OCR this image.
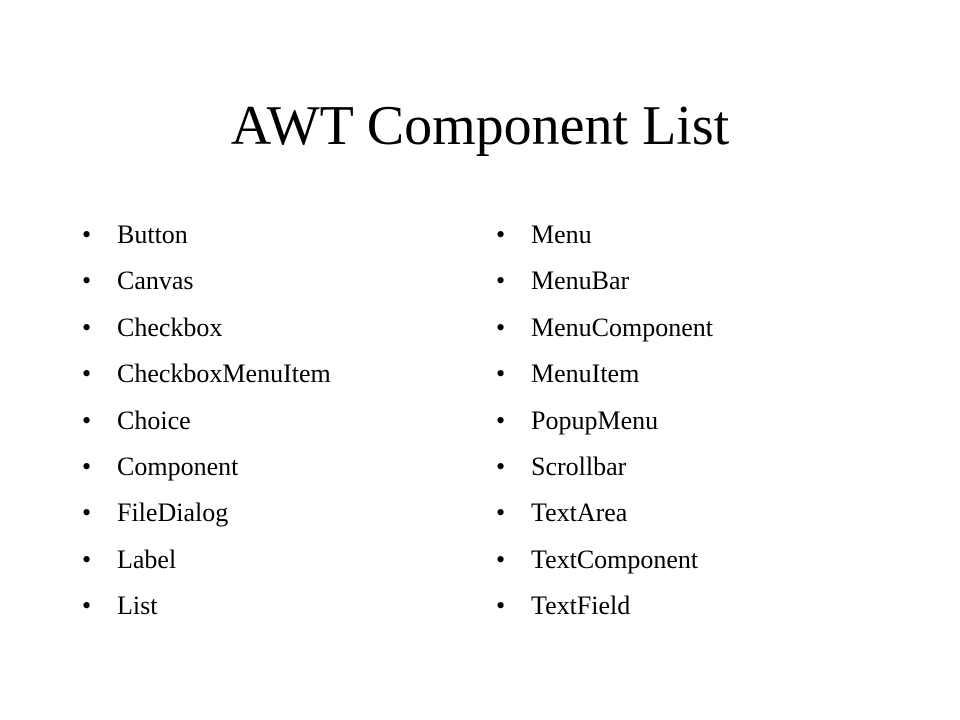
AWT Component List
• Button
• Canvas
• Checkbox
• CheckboxMenuItem
• Choice
• Component
• FileDialog
• Label
• List
• Menu
• MenuBar
• MenuComponent
• MenuItem
• PopupMenu
• Scrollbar
• TextArea
• TextComponent
• TextField
